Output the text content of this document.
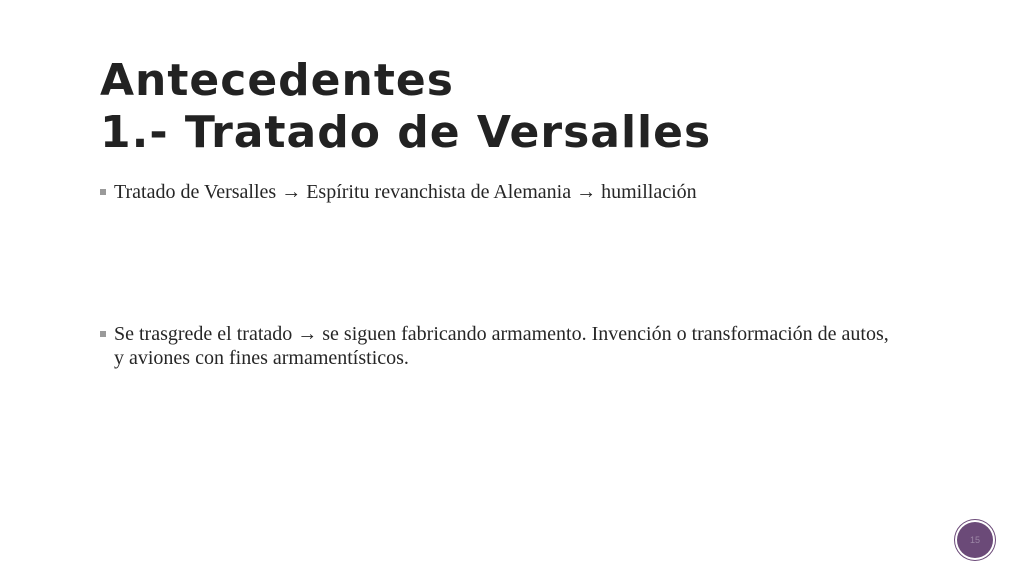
Antecedentes
1.- Tratado de Versalles
Tratado de Versalles → Espíritu revanchista de Alemania → humillación
Se trasgrede el tratado → se siguen fabricando armamento. Invención o transformación de autos, y aviones con fines armamentísticos.
15
